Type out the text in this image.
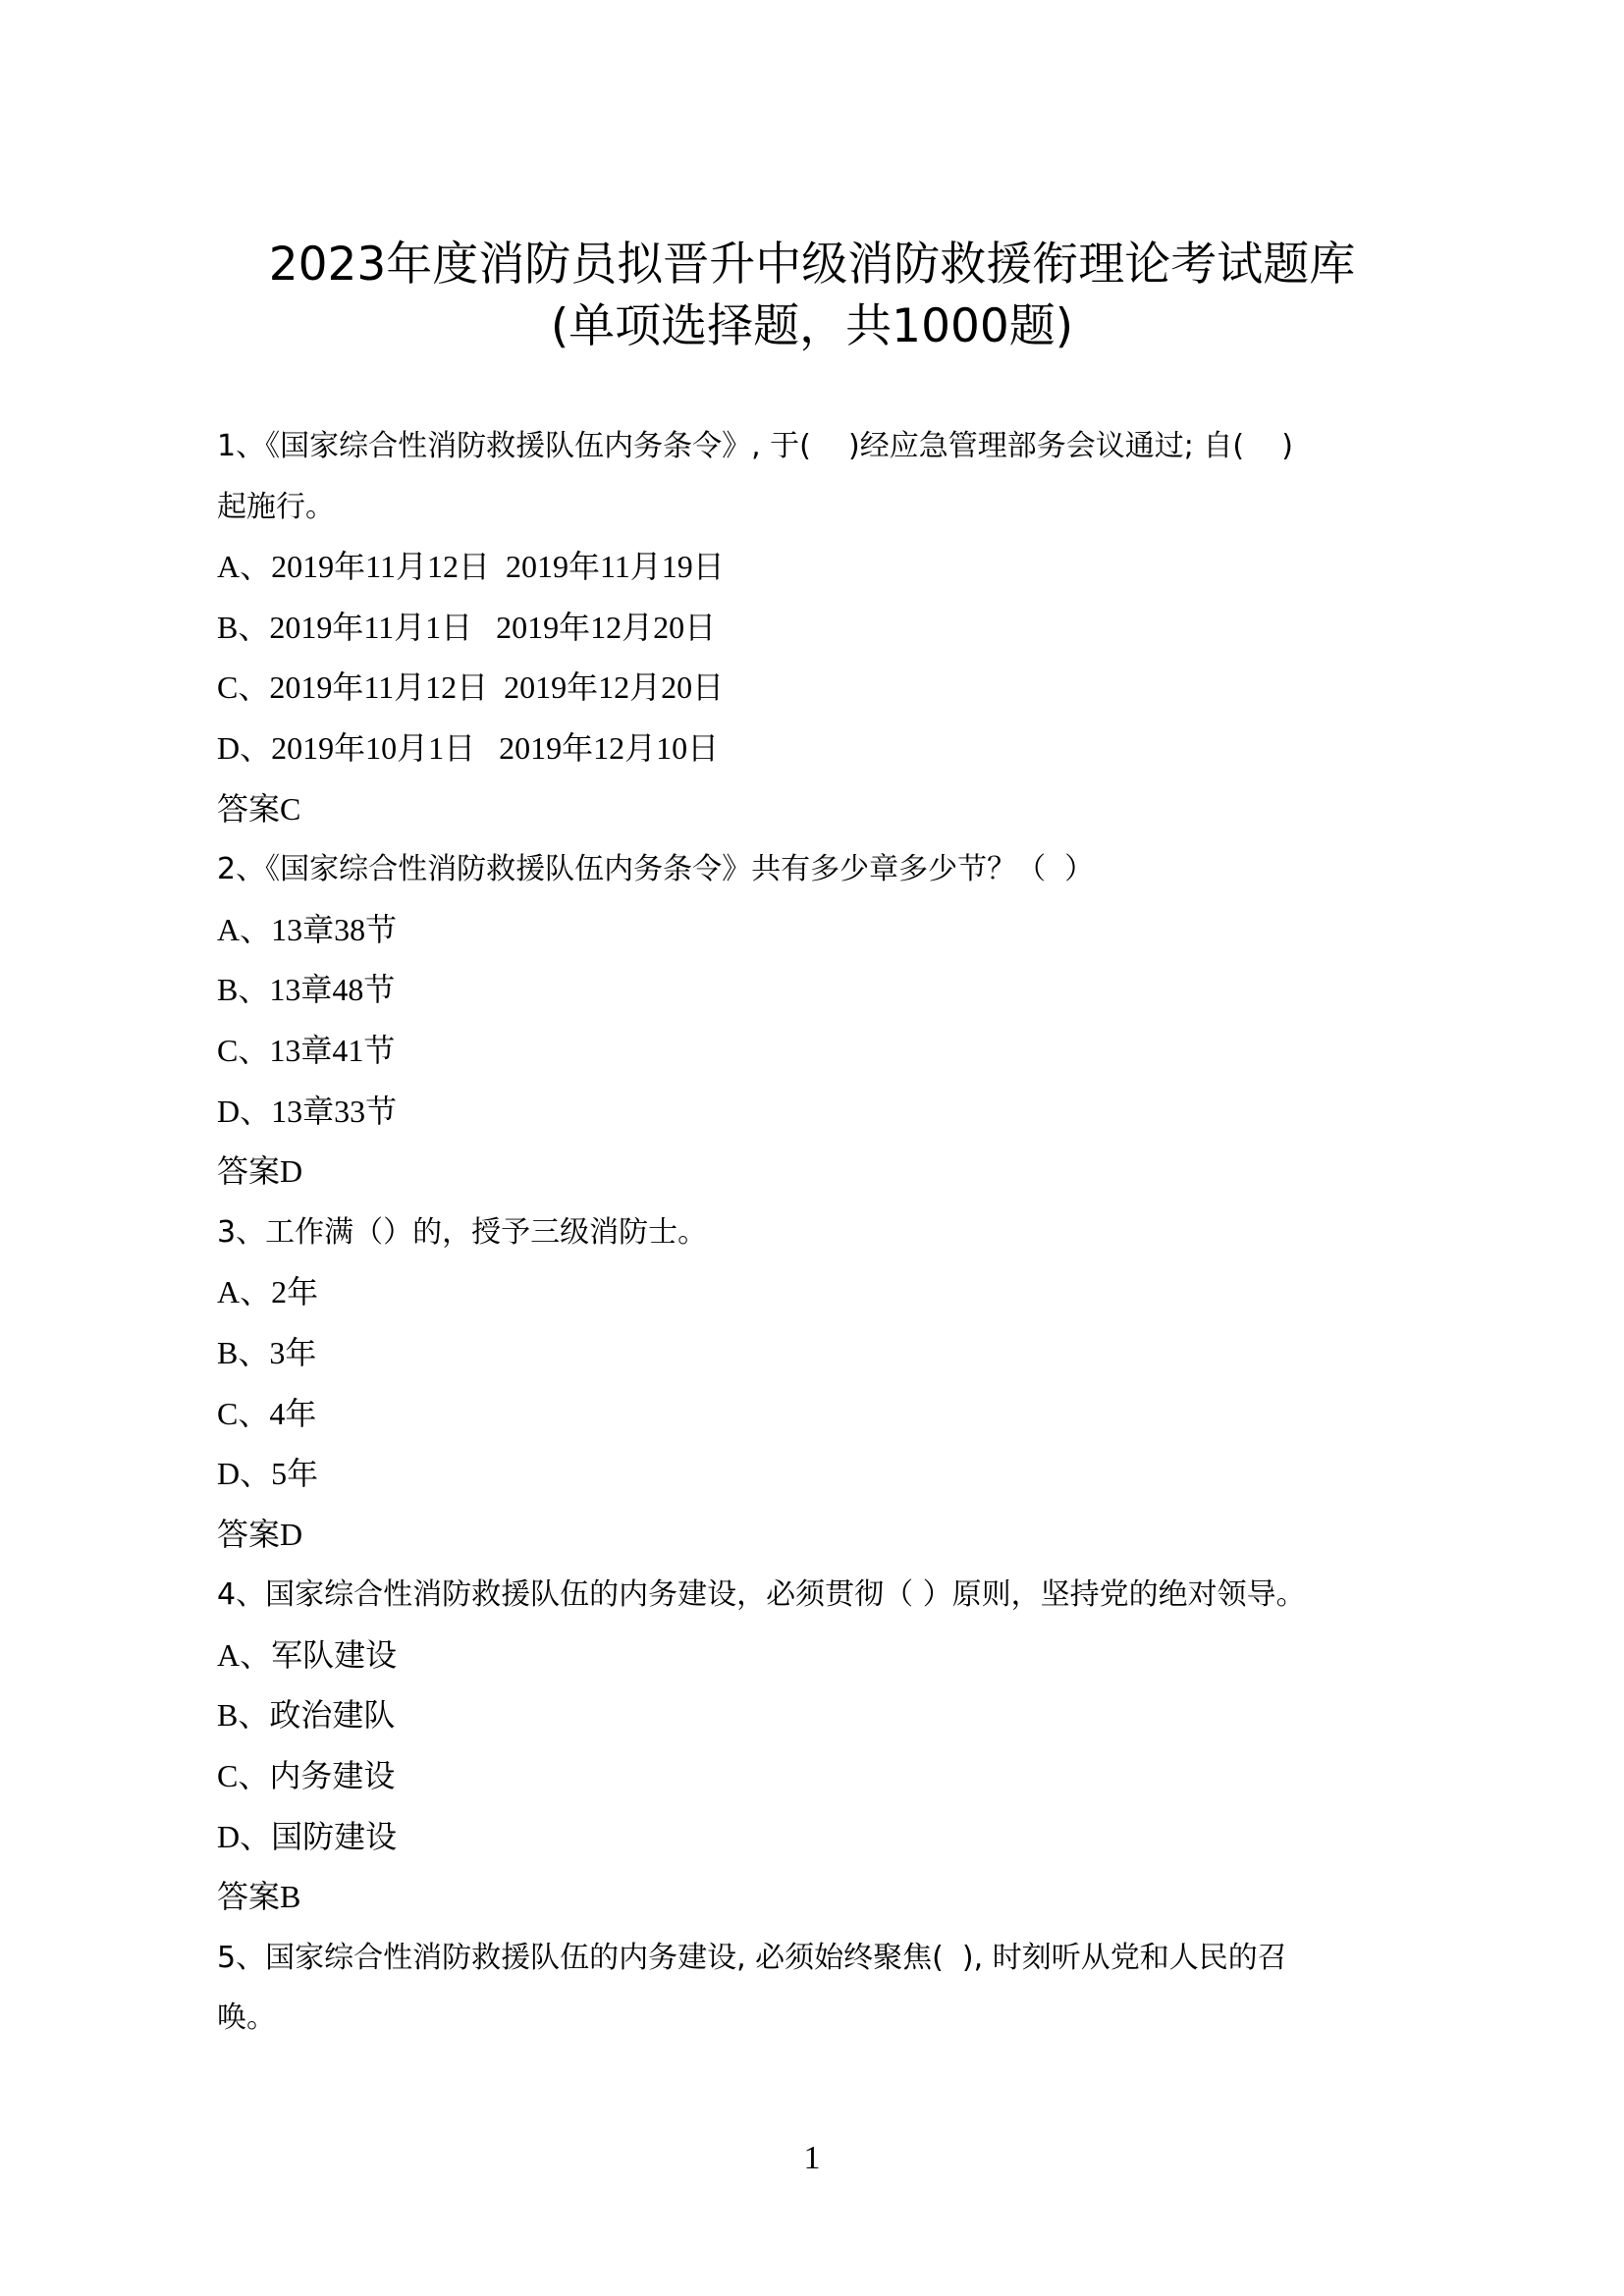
2023年度消防员拟晋升中级消防救援衔理论考试题库
(单项选择题，共1000题)
1、《国家综合性消防救援队伍内务条令》, 于(    )经应急管理部务会议通过; 自(    )
起施行。
A、2019年11月12日  2019年11月19日
B、2019年11月1日   2019年12月20日
C、2019年11月12日  2019年12月20日
D、2019年10月1日   2019年12月10日
答案C
2、《国家综合性消防救援队伍内务条令》共有多少章多少节？（  ）
A、13章38节
B、13章48节
C、13章41节
D、13章33节
答案D
3、工作满（）的，授予三级消防士。
A、2年
B、3年
C、4年
D、5年
答案D
4、国家综合性消防救援队伍的内务建设，必须贯彻（ ）原则，坚持党的绝对领导。
A、军队建设
B、政治建队
C、内务建设
D、国防建设
答案B
5、国家综合性消防救援队伍的内务建设, 必须始终聚焦(  ), 时刻听从党和人民的召
唤。
1
